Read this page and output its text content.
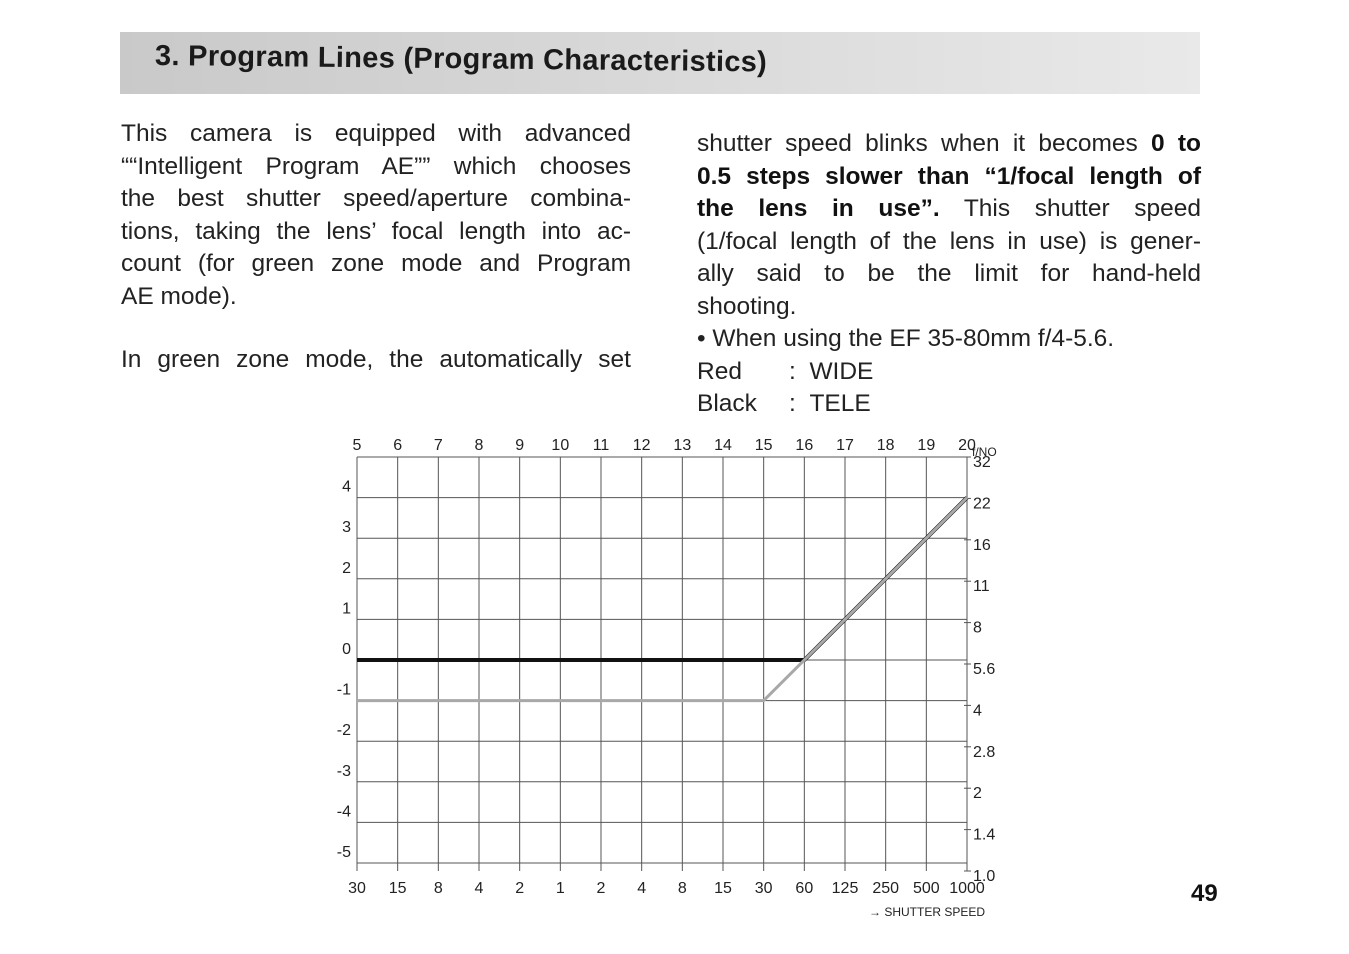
3. Program Lines (Program Characteristics)

This camera is equipped with advanced

““Intelligent Program AE”” which chooses

the best shutter speed/aperture combina-

tions, taking the lens’ focal length into ac-

count (for green zone mode and Program

AE mode).

In green zone mode, the automatically set

shutter speed blinks when it becomes 0 to

0.5 steps slower than “1/focal length of

the lens in use”. This shutter speed

(1/focal length of the lens in use) is gener-

ally said to be the limit for hand-held

shooting.

• When using the EF 35-80mm f/4-5.6.

Red	:
WIDE
Black	:
TELE
5 6 7 8 9 10 11 12 13 14 15 16 17 18 19 20
f/NO
4
3
2
1
0
-1
-2
-3
-4
-5
32
22
16
11
8
5.6
4
2.8
2
1.4
1.0
30 15 8 4 2 1 2 4 8 15 30 60 125 250 500 1000
→ SHUTTER SPEED
49
